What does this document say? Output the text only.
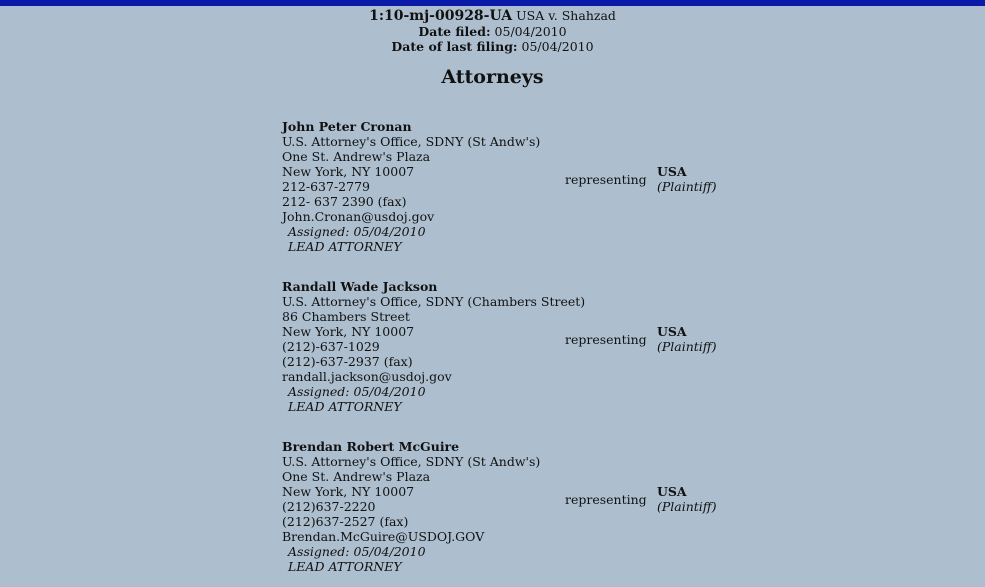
1:10-mj-00928-UA USA v. Shahzad
Date filed: 05/04/2010
Date of last filing: 05/04/2010
Attorneys
John Peter Cronan
U.S. Attorney's Office, SDNY (St Andw's)
One St. Andrew's Plaza
New York, NY 10007
212-637-2779
212- 637 2390 (fax)
John.Cronan@usdoj.gov
Assigned: 05/04/2010
LEAD ATTORNEY
representing
USA
(Plaintiff)
Randall Wade Jackson
U.S. Attorney's Office, SDNY (Chambers Street)
86 Chambers Street
New York, NY 10007
(212)-637-1029
(212)-637-2937 (fax)
randall.jackson@usdoj.gov
Assigned: 05/04/2010
LEAD ATTORNEY
representing
USA
(Plaintiff)
Brendan Robert McGuire
U.S. Attorney's Office, SDNY (St Andw's)
One St. Andrew's Plaza
New York, NY 10007
(212)637-2220
(212)637-2527 (fax)
Brendan.McGuire@USDOJ.GOV
Assigned: 05/04/2010
LEAD ATTORNEY
representing
USA
(Plaintiff)
